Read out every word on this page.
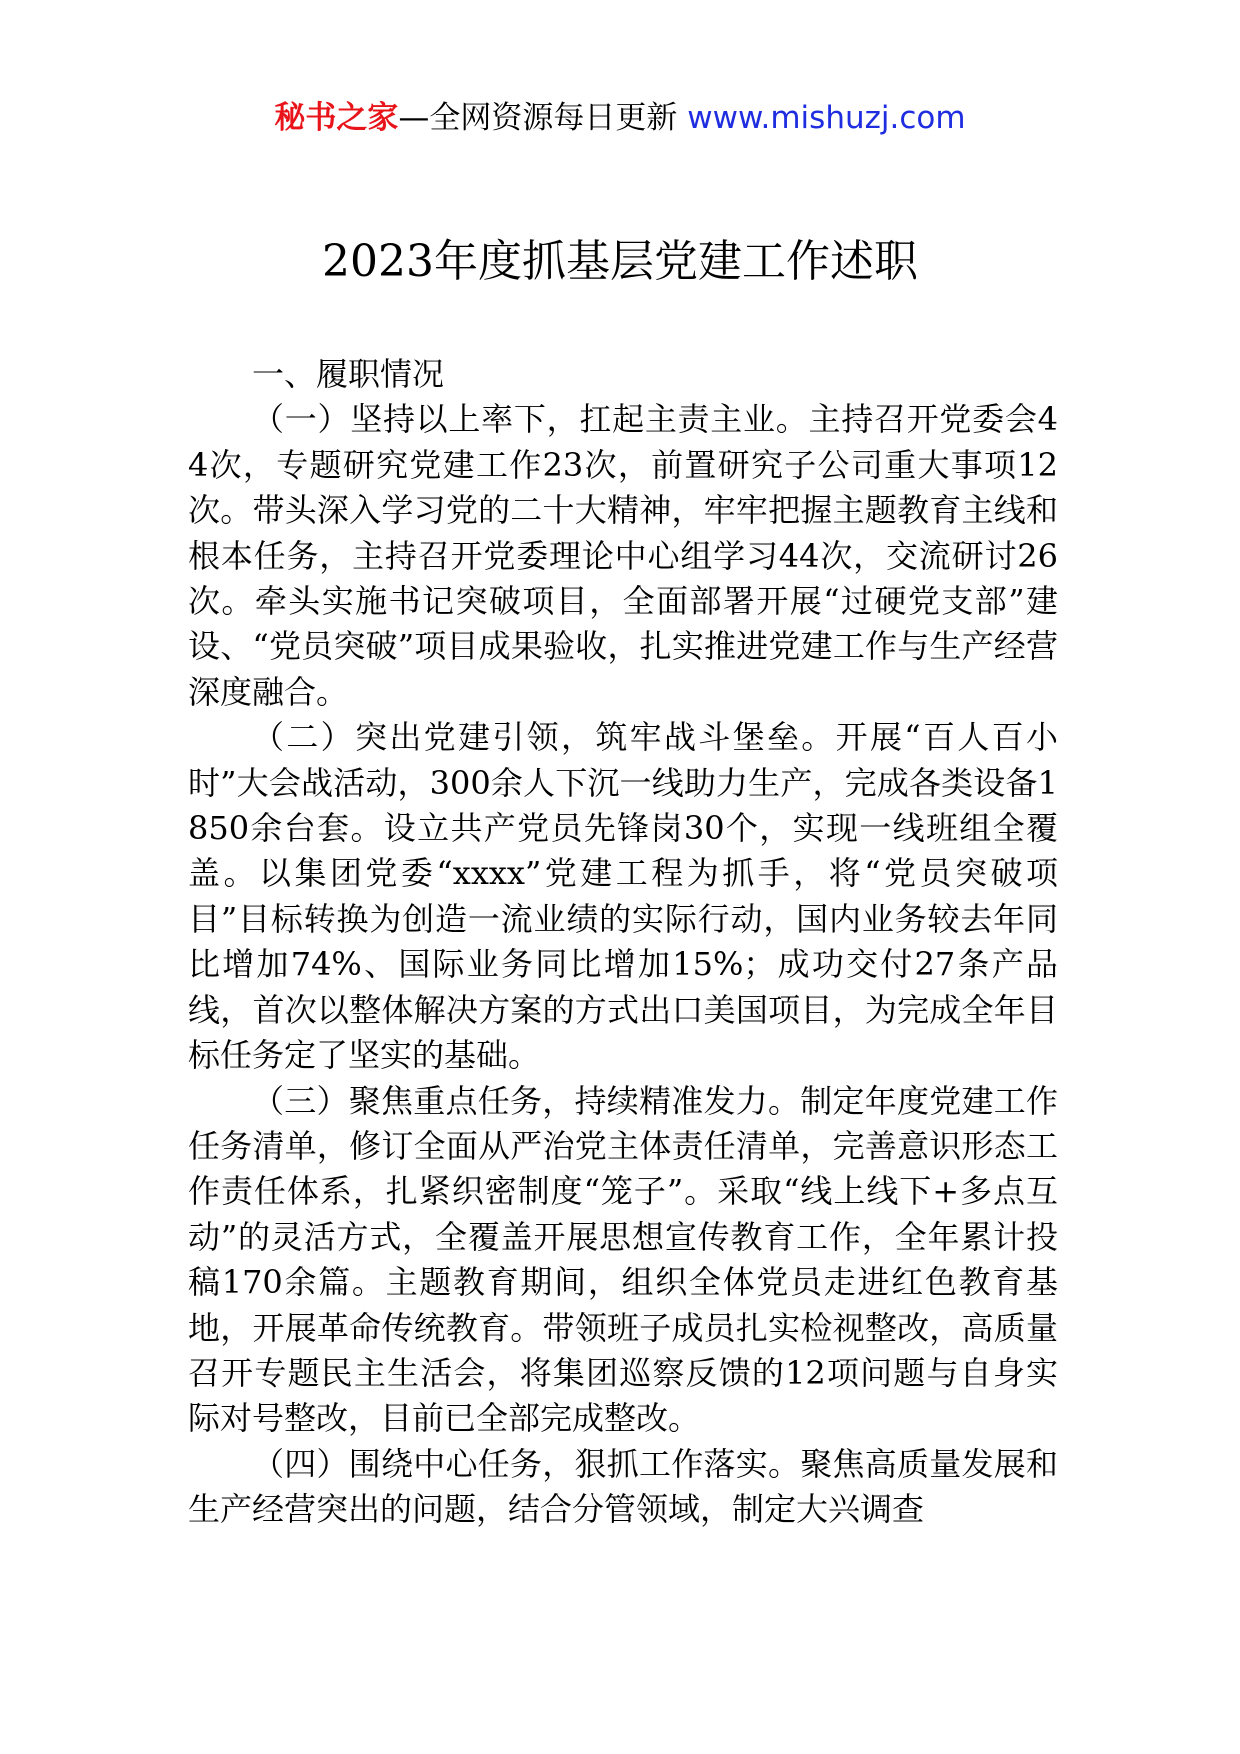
秘书之家—全网资源每日更新 www.mishuzj.com
2023年度抓基层党建工作述职

一、履职情况

（一）坚持以上率下，扛起主责主业。主持召开党委会44次，专题研究党建工作23次，前置研究子公司重大事项12次。带头深入学习党的二十大精神，牢牢把握主题教育主线和根本任务，主持召开党委理论中心组学习44次，交流研讨26次。牵头实施书记突破项目，全面部署开展“过硬党支部”建设、“党员突破”项目成果验收，扎实推进党建工作与生产经营深度融合。

（二）突出党建引领，筑牢战斗堡垒。开展“百人百小时”大会战活动，300余人下沉一线助力生产，完成各类设备1850余台套。设立共产党员先锋岗30个，实现一线班组全覆盖。以集团党委“xxxx”党建工程为抓手，将“党员突破项目”目标转换为创造一流业绩的实际行动，国内业务较去年同比增加74%、国际业务同比增加15%；成功交付27条产品线，首次以整体解决方案的方式出口美国项目，为完成全年目标任务定了坚实的基础。

（三）聚焦重点任务，持续精准发力。制定年度党建工作任务清单，修订全面从严治党主体责任清单，完善意识形态工作责任体系，扎紧织密制度“笼子”。采取“线上线下+多点互动”的灵活方式，全覆盖开展思想宣传教育工作，全年累计投稿170余篇。主题教育期间，组织全体党员走进红色教育基地，开展革命传统教育。带领班子成员扎实检视整改，高质量召开专题民主生活会，将集团巡察反馈的12项问题与自身实际对号整改，目前已全部完成整改。

（四）围绕中心任务，狠抓工作落实。聚焦高质量发展和生产经营突出的问题，结合分管领域，制定大兴调查
